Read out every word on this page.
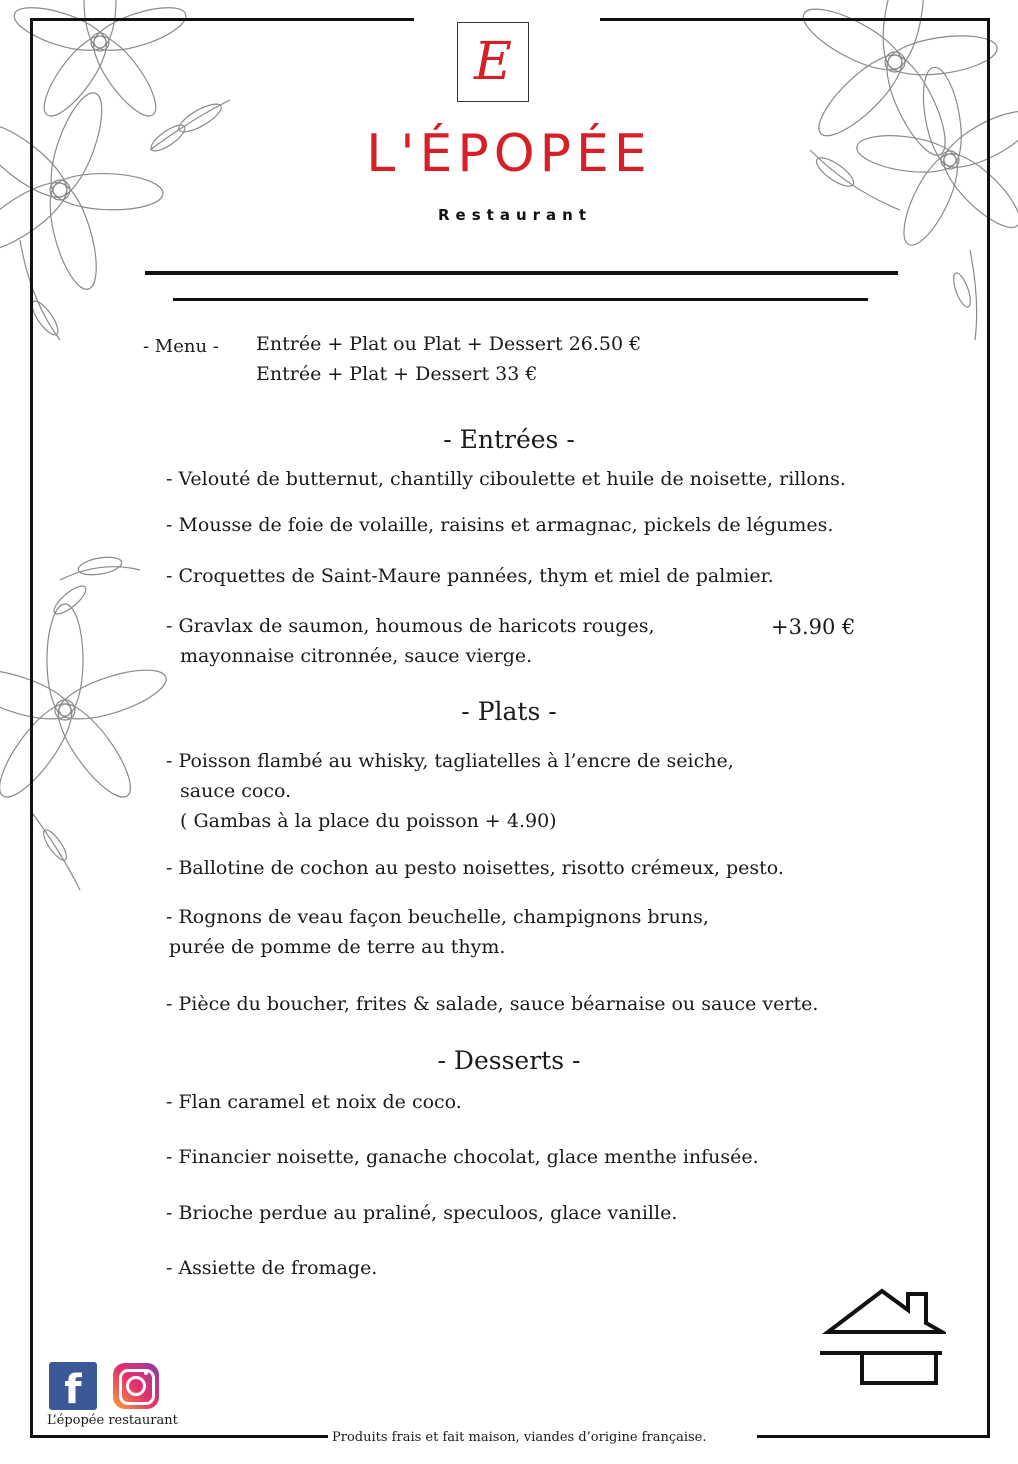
E
L'ÉPOPÉE
Restaurant
- Menu - Entrée + Plat ou Plat + Dessert 26.50 €
Entrée + Plat + Dessert 33 €
- Entrées -
- Velouté de butternut, chantilly ciboulette et huile de noisette, rillons.
- Mousse de foie de volaille, raisins et armagnac, pickels de légumes.
- Croquettes de Saint-Maure pannées, thym et miel de palmier.
- Gravlax de saumon, houmous de haricots rouges,
mayonnaise citronnée, sauce vierge.
+3.90 €
- Plats -
- Poisson flambé au whisky, tagliatelles à l’encre de seiche,
sauce coco.
( Gambas à la place du poisson + 4.90)
- Ballotine de cochon au pesto noisettes, risotto crémeux, pesto.
- Rognons de veau façon beuchelle, champignons bruns,
purée de pomme de terre au thym.
- Pièce du boucher, frites & salade, sauce béarnaise ou sauce verte.
- Desserts -
- Flan caramel et noix de coco.
- Financier noisette, ganache chocolat, glace menthe infusée.
- Brioche perdue au praliné, speculoos, glace vanille.
- Assiette de fromage.
f
L’épopée restaurant
Produits frais et fait maison, viandes d’origine française.
